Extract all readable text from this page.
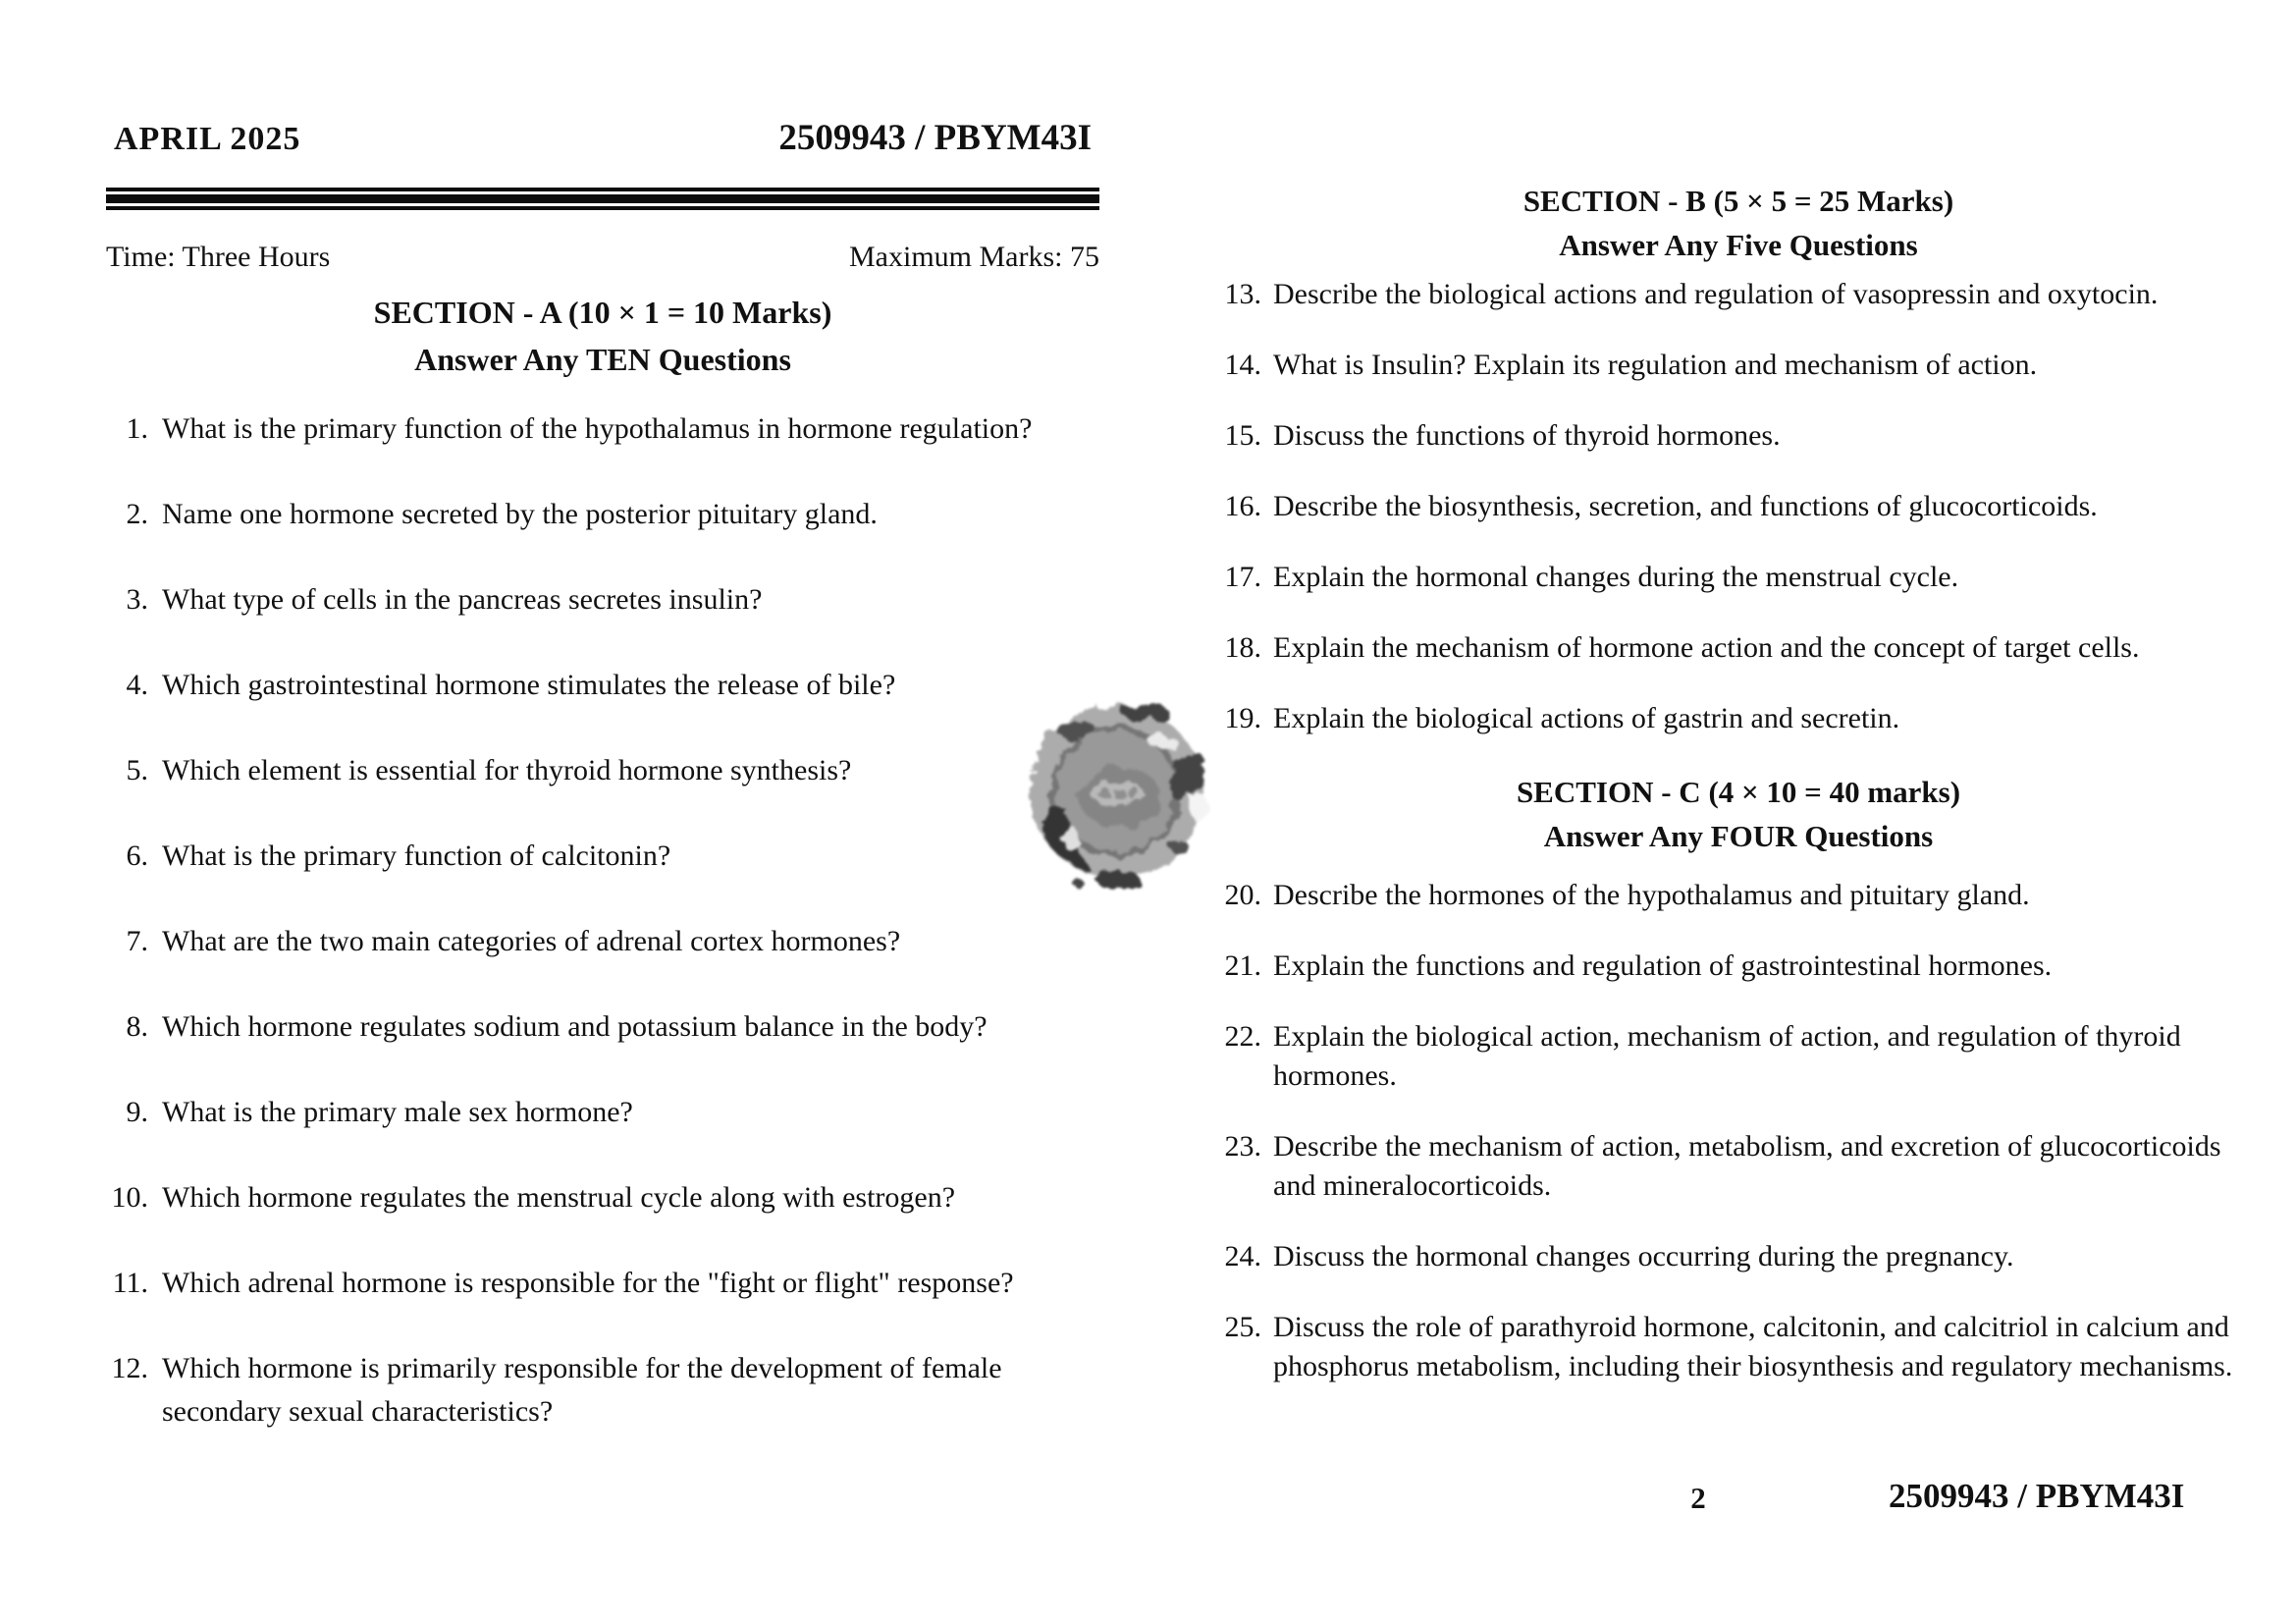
APRIL 2025	2509943 / PBYM43I
Time: Three Hours	Maximum Marks: 75
SECTION - A (10 × 1 = 10 Marks)
Answer Any TEN Questions
1. What is the primary function of the hypothalamus in hormone regulation?
2. Name one hormone secreted by the posterior pituitary gland.
3. What type of cells in the pancreas secretes insulin?
4. Which gastrointestinal hormone stimulates the release of bile?
5. Which element is essential for thyroid hormone synthesis?
6. What is the primary function of calcitonin?
7. What are the two main categories of adrenal cortex hormones?
8. Which hormone regulates sodium and potassium balance in the body?
9. What is the primary male sex hormone?
10. Which hormone regulates the menstrual cycle along with estrogen?
11. Which adrenal hormone is responsible for the "fight or flight" response?
12. Which hormone is primarily responsible for the development of female secondary sexual characteristics?
SECTION - B (5 × 5 = 25 Marks)
Answer Any Five Questions
13. Describe the biological actions and regulation of vasopressin and oxytocin.
14. What is Insulin? Explain its regulation and mechanism of action.
15. Discuss the functions of thyroid hormones.
16. Describe the biosynthesis, secretion, and functions of glucocorticoids.
17. Explain the hormonal changes during the menstrual cycle.
18. Explain the mechanism of hormone action and the concept of target cells.
19. Explain the biological actions of gastrin and secretin.
SECTION - C (4 × 10 = 40 marks)
Answer Any FOUR Questions
20. Describe the hormones of the hypothalamus and pituitary gland.
21. Explain the functions and regulation of gastrointestinal hormones.
22. Explain the biological action, mechanism of action, and regulation of thyroid hormones.
23. Describe the mechanism of action, metabolism, and excretion of glucocorticoids and mineralocorticoids.
24. Discuss the hormonal changes occurring during the pregnancy.
25. Discuss the role of parathyroid hormone, calcitonin, and calcitriol in calcium and phosphorus metabolism, including their biosynthesis and regulatory mechanisms.
2	2509943 / PBYM43I
